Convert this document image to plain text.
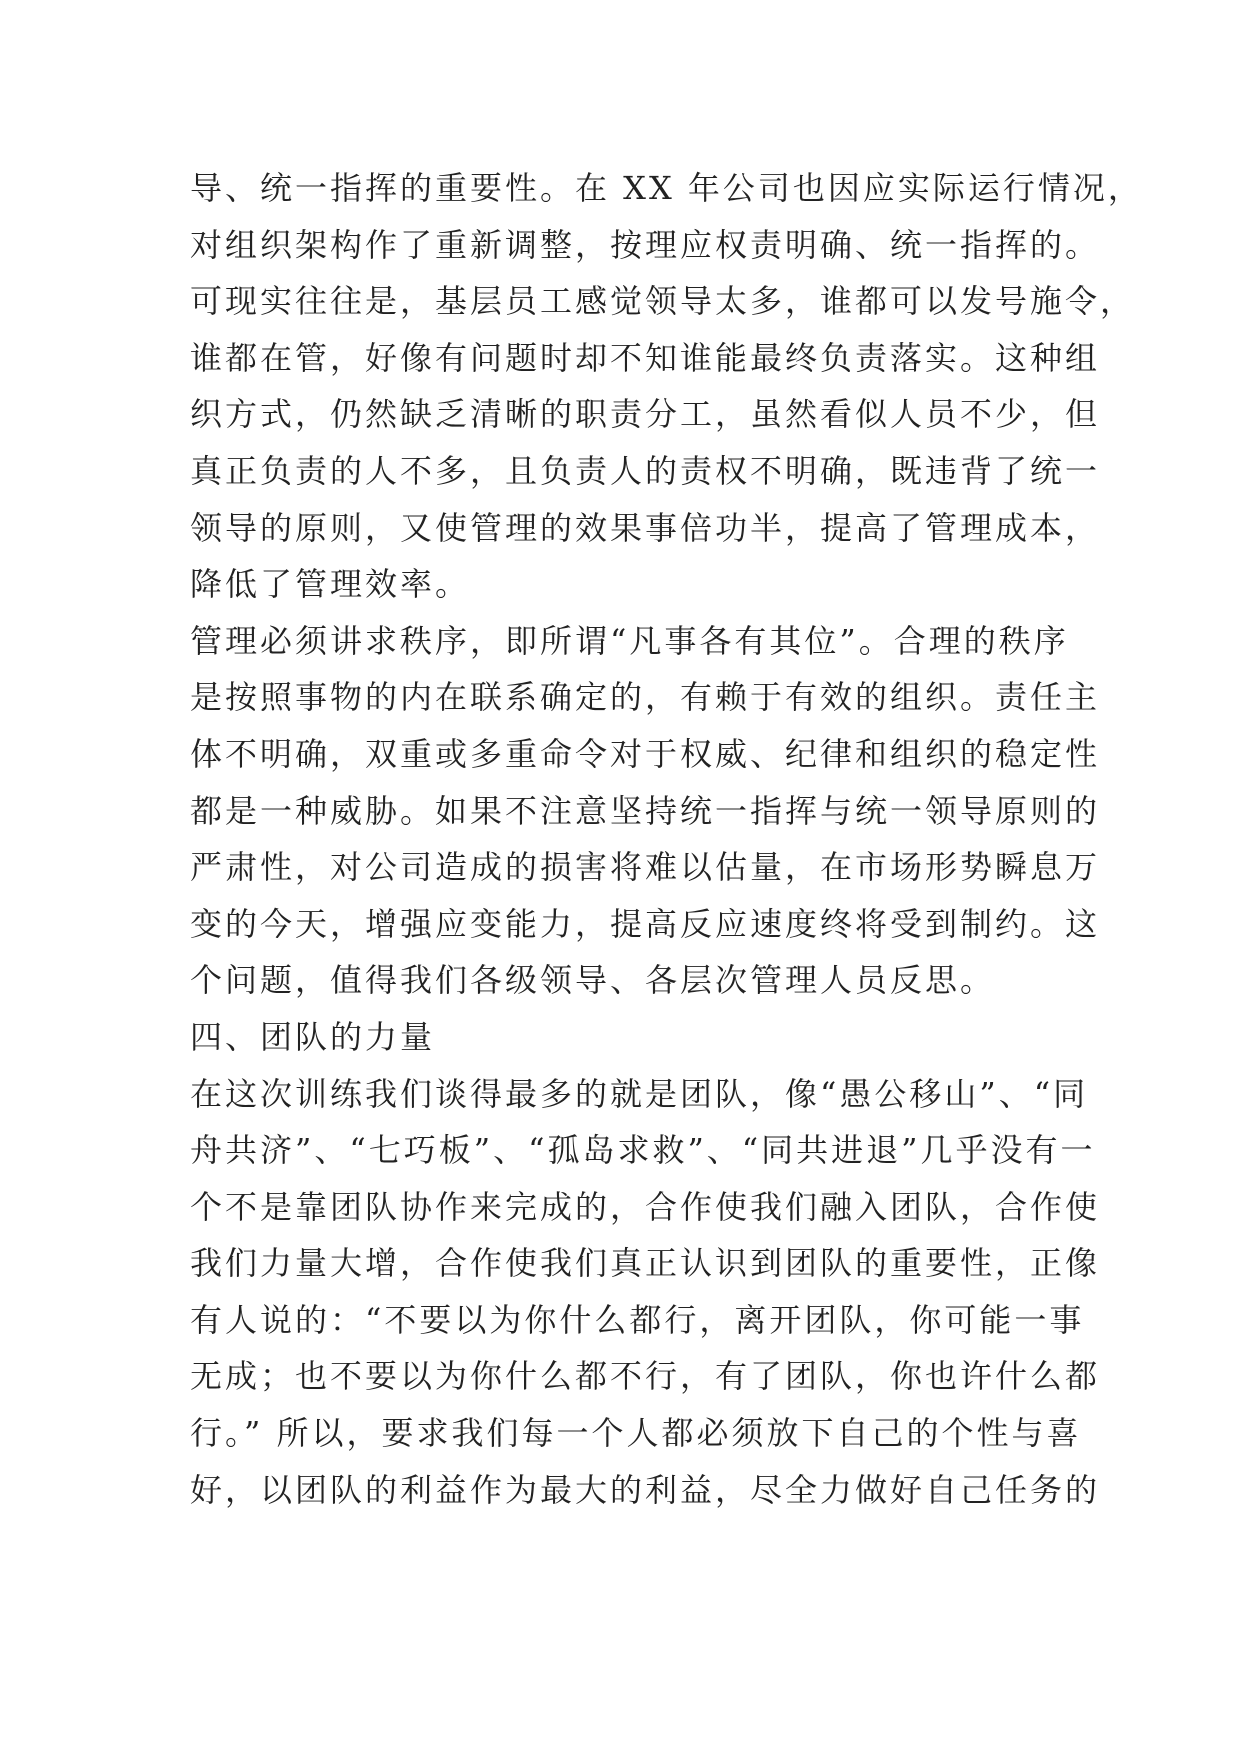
导、统一指挥的重要性。在 XX 年公司也因应实际运行情况，
对组织架构作了重新调整，按理应权责明确、统一指挥的。
可现实往往是，基层员工感觉领导太多，谁都可以发号施令，
谁都在管，好像有问题时却不知谁能最终负责落实。这种组
织方式，仍然缺乏清晰的职责分工，虽然看似人员不少，但
真正负责的人不多，且负责人的责权不明确，既违背了统一
领导的原则，又使管理的效果事倍功半，提高了管理成本，
降低了管理效率。
管理必须讲求秩序，即所谓“凡事各有其位”。合理的秩序
是按照事物的内在联系确定的，有赖于有效的组织。责任主
体不明确，双重或多重命令对于权威、纪律和组织的稳定性
都是一种威胁。如果不注意坚持统一指挥与统一领导原则的
严肃性，对公司造成的损害将难以估量，在市场形势瞬息万
变的今天，增强应变能力，提高反应速度终将受到制约。这
个问题，值得我们各级领导、各层次管理人员反思。
四、团队的力量
在这次训练我们谈得最多的就是团队，像“愚公移山”、“同
舟共济”、“七巧板”、“孤岛求救”、“同共进退”几乎没有一
个不是靠团队协作来完成的，合作使我们融入团队，合作使
我们力量大增，合作使我们真正认识到团队的重要性，正像
有人说的：“不要以为你什么都行，离开团队，你可能一事
无成；也不要以为你什么都不行，有了团队，你也许什么都
行。” 所以，要求我们每一个人都必须放下自己的个性与喜
好，以团队的利益作为最大的利益，尽全力做好自己任务的
